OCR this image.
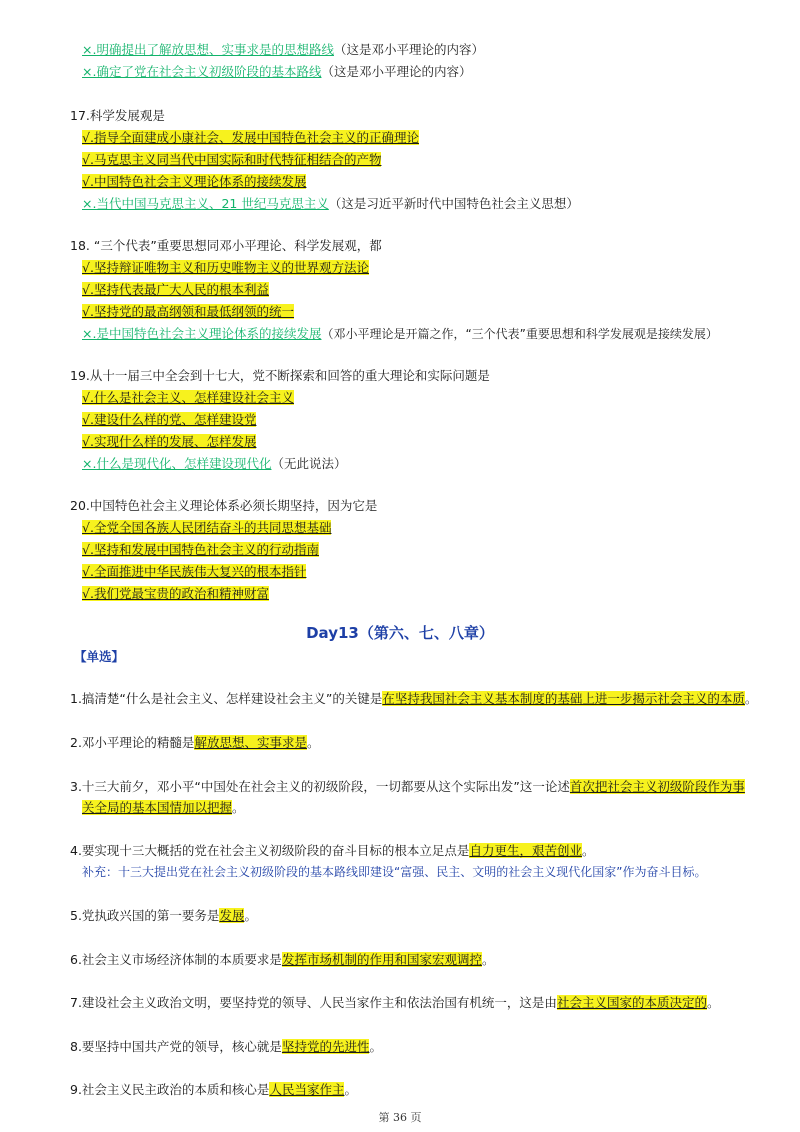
×.明确提出了解放思想、实事求是的思想路线（这是邓小平理论的内容）
×.确定了党在社会主义初级阶段的基本路线（这是邓小平理论的内容）
17.科学发展观是
√.指导全面建成小康社会、发展中国特色社会主义的正确理论
√.马克思主义同当代中国实际和时代特征相结合的产物
√.中国特色社会主义理论体系的接续发展
×.当代中国马克思主义、21 世纪马克思主义（这是习近平新时代中国特色社会主义思想）
18. “三个代表”重要思想同邓小平理论、科学发展观，都
√.坚持辩证唯物主义和历史唯物主义的世界观方法论
√.坚持代表最广大人民的根本利益
√.坚持党的最高纲领和最低纲领的统一
×.是中国特色社会主义理论体系的接续发展（邓小平理论是开篇之作，“三个代表”重要思想和科学发展观是接续发展）
19.从十一届三中全会到十七大，党不断探索和回答的重大理论和实际问题是
√.什么是社会主义、怎样建设社会主义
√.建设什么样的党、怎样建设党
√.实现什么样的发展、怎样发展
×.什么是现代化、怎样建设现代化（无此说法）
20.中国特色社会主义理论体系必须长期坚持，因为它是
√.全党全国各族人民团结奋斗的共同思想基础
√.坚持和发展中国特色社会主义的行动指南
√.全面推进中华民族伟大复兴的根本指针
√.我们党最宝贵的政治和精神财富
Day13（第六、七、八章）
【单选】
1.搞清楚“什么是社会主义、怎样建设社会主义”的关键是在坚持我国社会主义基本制度的基础上进一步揭示社会主义的本质。
2.邓小平理论的精髓是解放思想、实事求是。
3.十三大前夕，邓小平“中国处在社会主义的初级阶段，一切都要从这个实际出发”这一论述首次把社会主义初级阶段作为事
关全局的基本国情加以把握。
4.要实现十三大概括的党在社会主义初级阶段的奋斗目标的根本立足点是自力更生，艰苦创业。
补充：十三大提出党在社会主义初级阶段的基本路线即建设“富强、民主、文明的社会主义现代化国家”作为奋斗目标。
5.党执政兴国的第一要务是发展。
6.社会主义市场经济体制的本质要求是发挥市场机制的作用和国家宏观调控。
7.建设社会主义政治文明，要坚持党的领导、人民当家作主和依法治国有机统一，这是由社会主义国家的本质决定的。
8.要坚持中国共产党的领导，核心就是坚持党的先进性。
9.社会主义民主政治的本质和核心是人民当家作主。
第 36 页
